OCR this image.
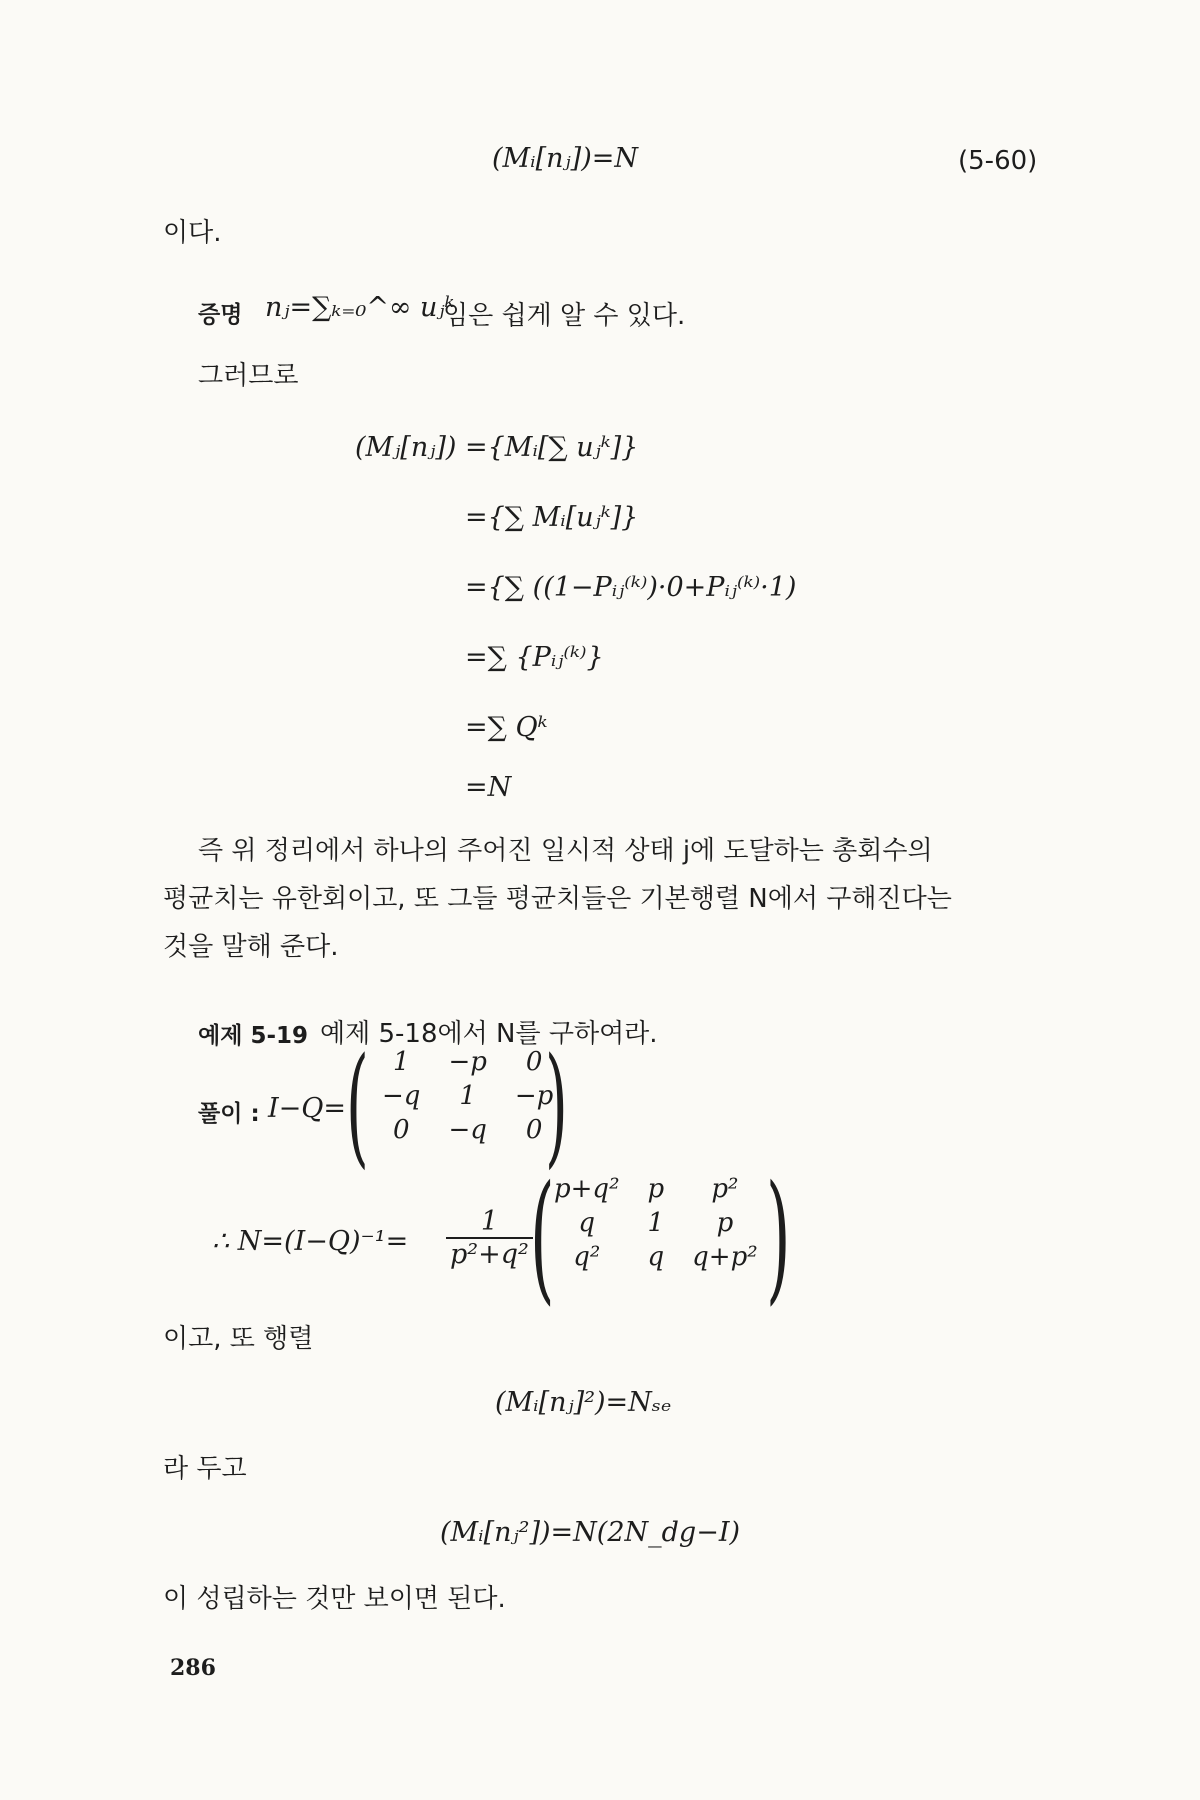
(Mᵢ[nⱼ])=N	(5-60)
이다.
증명 nⱼ=∑ₖ₌₀^∞ uⱼᵏ
임은 쉽게 알 수 있다.
그러므로
(Mⱼ[nⱼ]) ={Mᵢ[∑ uⱼᵏ]}
={∑ Mᵢ[uⱼᵏ]}
={∑ ((1−Pᵢⱼ⁽ᵏ⁾)·0+Pᵢⱼ⁽ᵏ⁾·1)
=∑ {Pᵢⱼ⁽ᵏ⁾}
=∑ Qᵏ
=N
즉 위 정리에서 하나의 주어진 일시적 상태 j에 도달하는 총회수의
평균치는 유한회이고, 또 그들 평균치들은 기본행렬 N에서 구해진다는
것을 말해 준다.
예제 5-19 예제 5-18에서 N를 구하여라.
풀이 : I−Q= ( 1	−p	0
−q	1	−p
0	−q	0 )
∴ $N=(I-Q)^{-1}= \frac{1}{\text{p²+q²}}$
( p+q²	p	p²
q	1	p
q²	q	q+p² )
이고, 또 행렬
(Mᵢ[nⱼ]²)=Nₛₑ
라 두고
(Mᵢ[nⱼ²])=N(2N_dg−I)
이 성립하는 것만 보이면 된다.
286
